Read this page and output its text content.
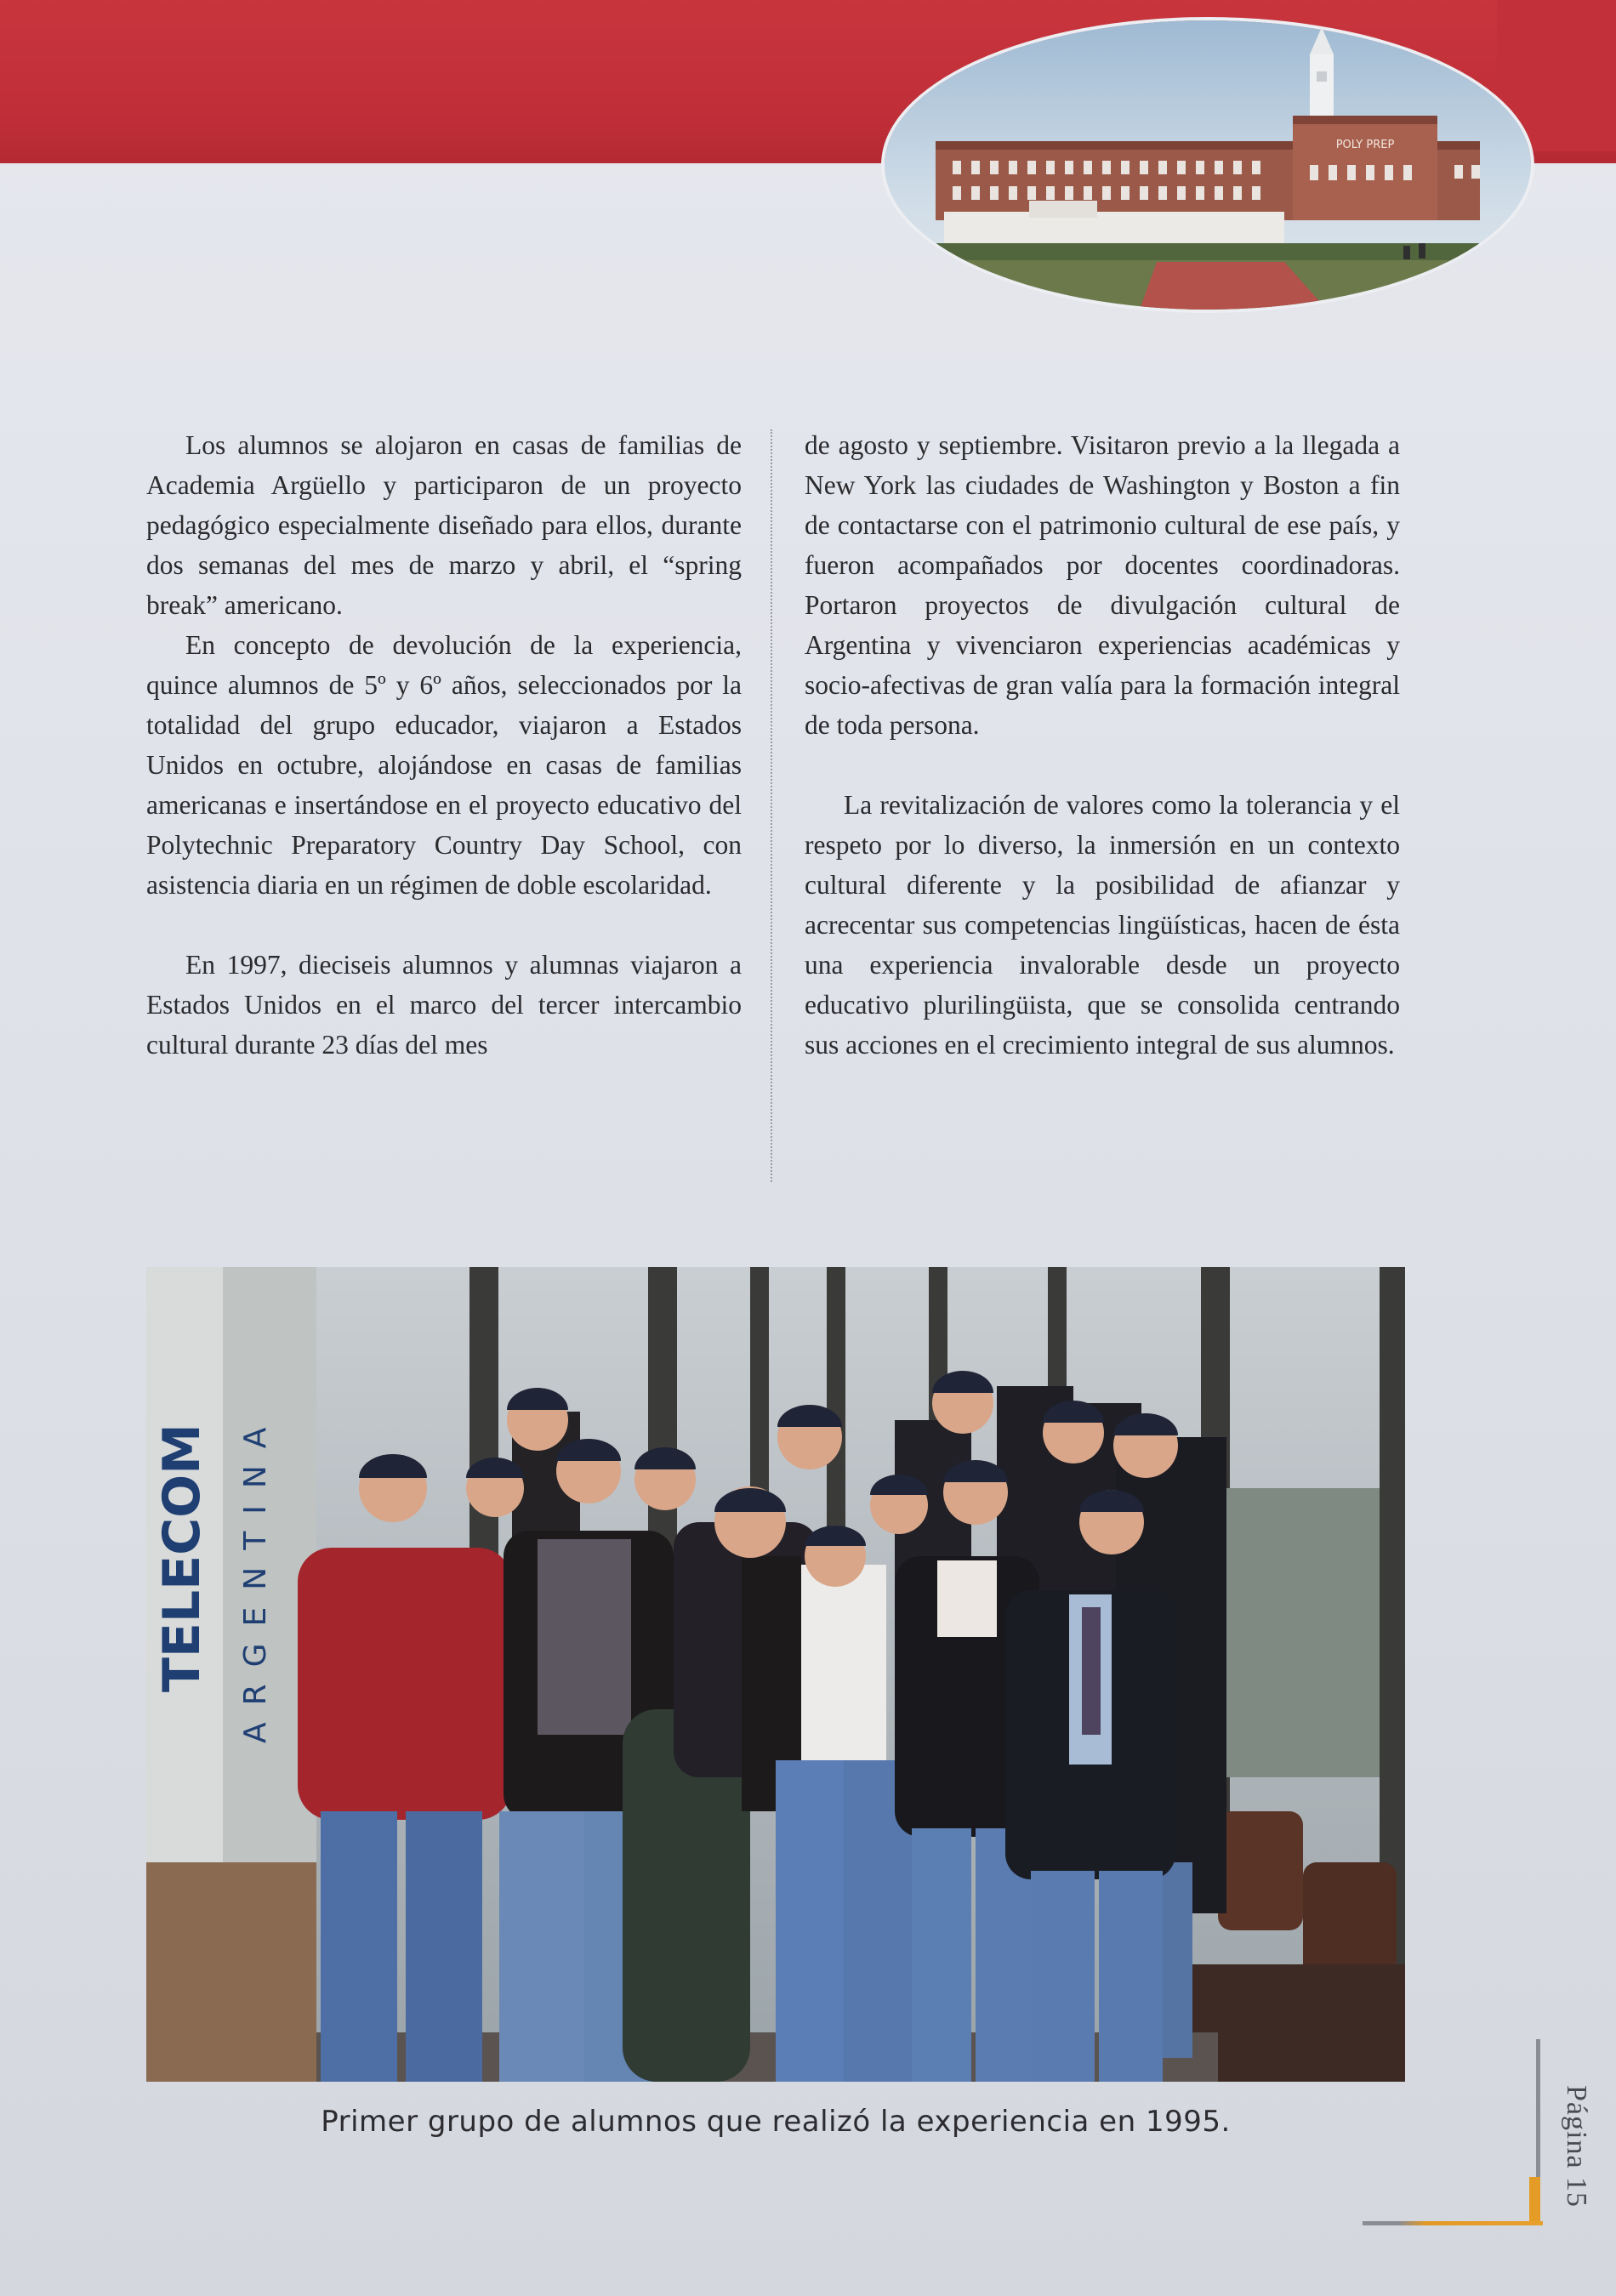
POLY PREP

Los alumnos se alojaron en casas de familias de Academia Argüello y participaron de un proyecto pedagógico especialmente diseñado para ellos, durante dos semanas del mes de marzo y abril, el “spring break” americano.

En concepto de devolución de la experiencia, quince alumnos de 5º y 6º años, seleccionados por la totalidad del grupo educador, viajaron a Estados Unidos en octubre, alojándose en casas de familias americanas e insertándose en el proyecto educativo del Polytechnic Preparatory Country Day School, con asistencia diaria en un régimen de doble escolaridad.

En 1997, dieciseis alumnos y alumnas viajaron a Estados Unidos en el marco del tercer intercambio cultural durante 23 días del mes

de agosto y septiembre. Visitaron previo a la llegada a New York las ciudades de Washington y Boston a fin de contactarse con el patrimonio cultural de ese país, y fueron acompañados por docentes coordinadoras. Portaron proyectos de divulgación cultural de Argentina y vivenciaron experiencias académicas y socio-afectivas de gran valía para la formación integral de toda persona.

La revitalización de valores como la tolerancia y el respeto por lo diverso, la inmersión en un contexto cultural diferente y la posibilidad de afianzar y acrecentar sus competencias lingüísticas, hacen de ésta una experiencia invalorable desde un proyecto educativo plurilingüista, que se consolida centrando sus acciones en el crecimiento integral de sus alumnos.

TELECOM ARGENTINA
Primer grupo de alumnos que realizó la experiencia en 1995.	Página 15
